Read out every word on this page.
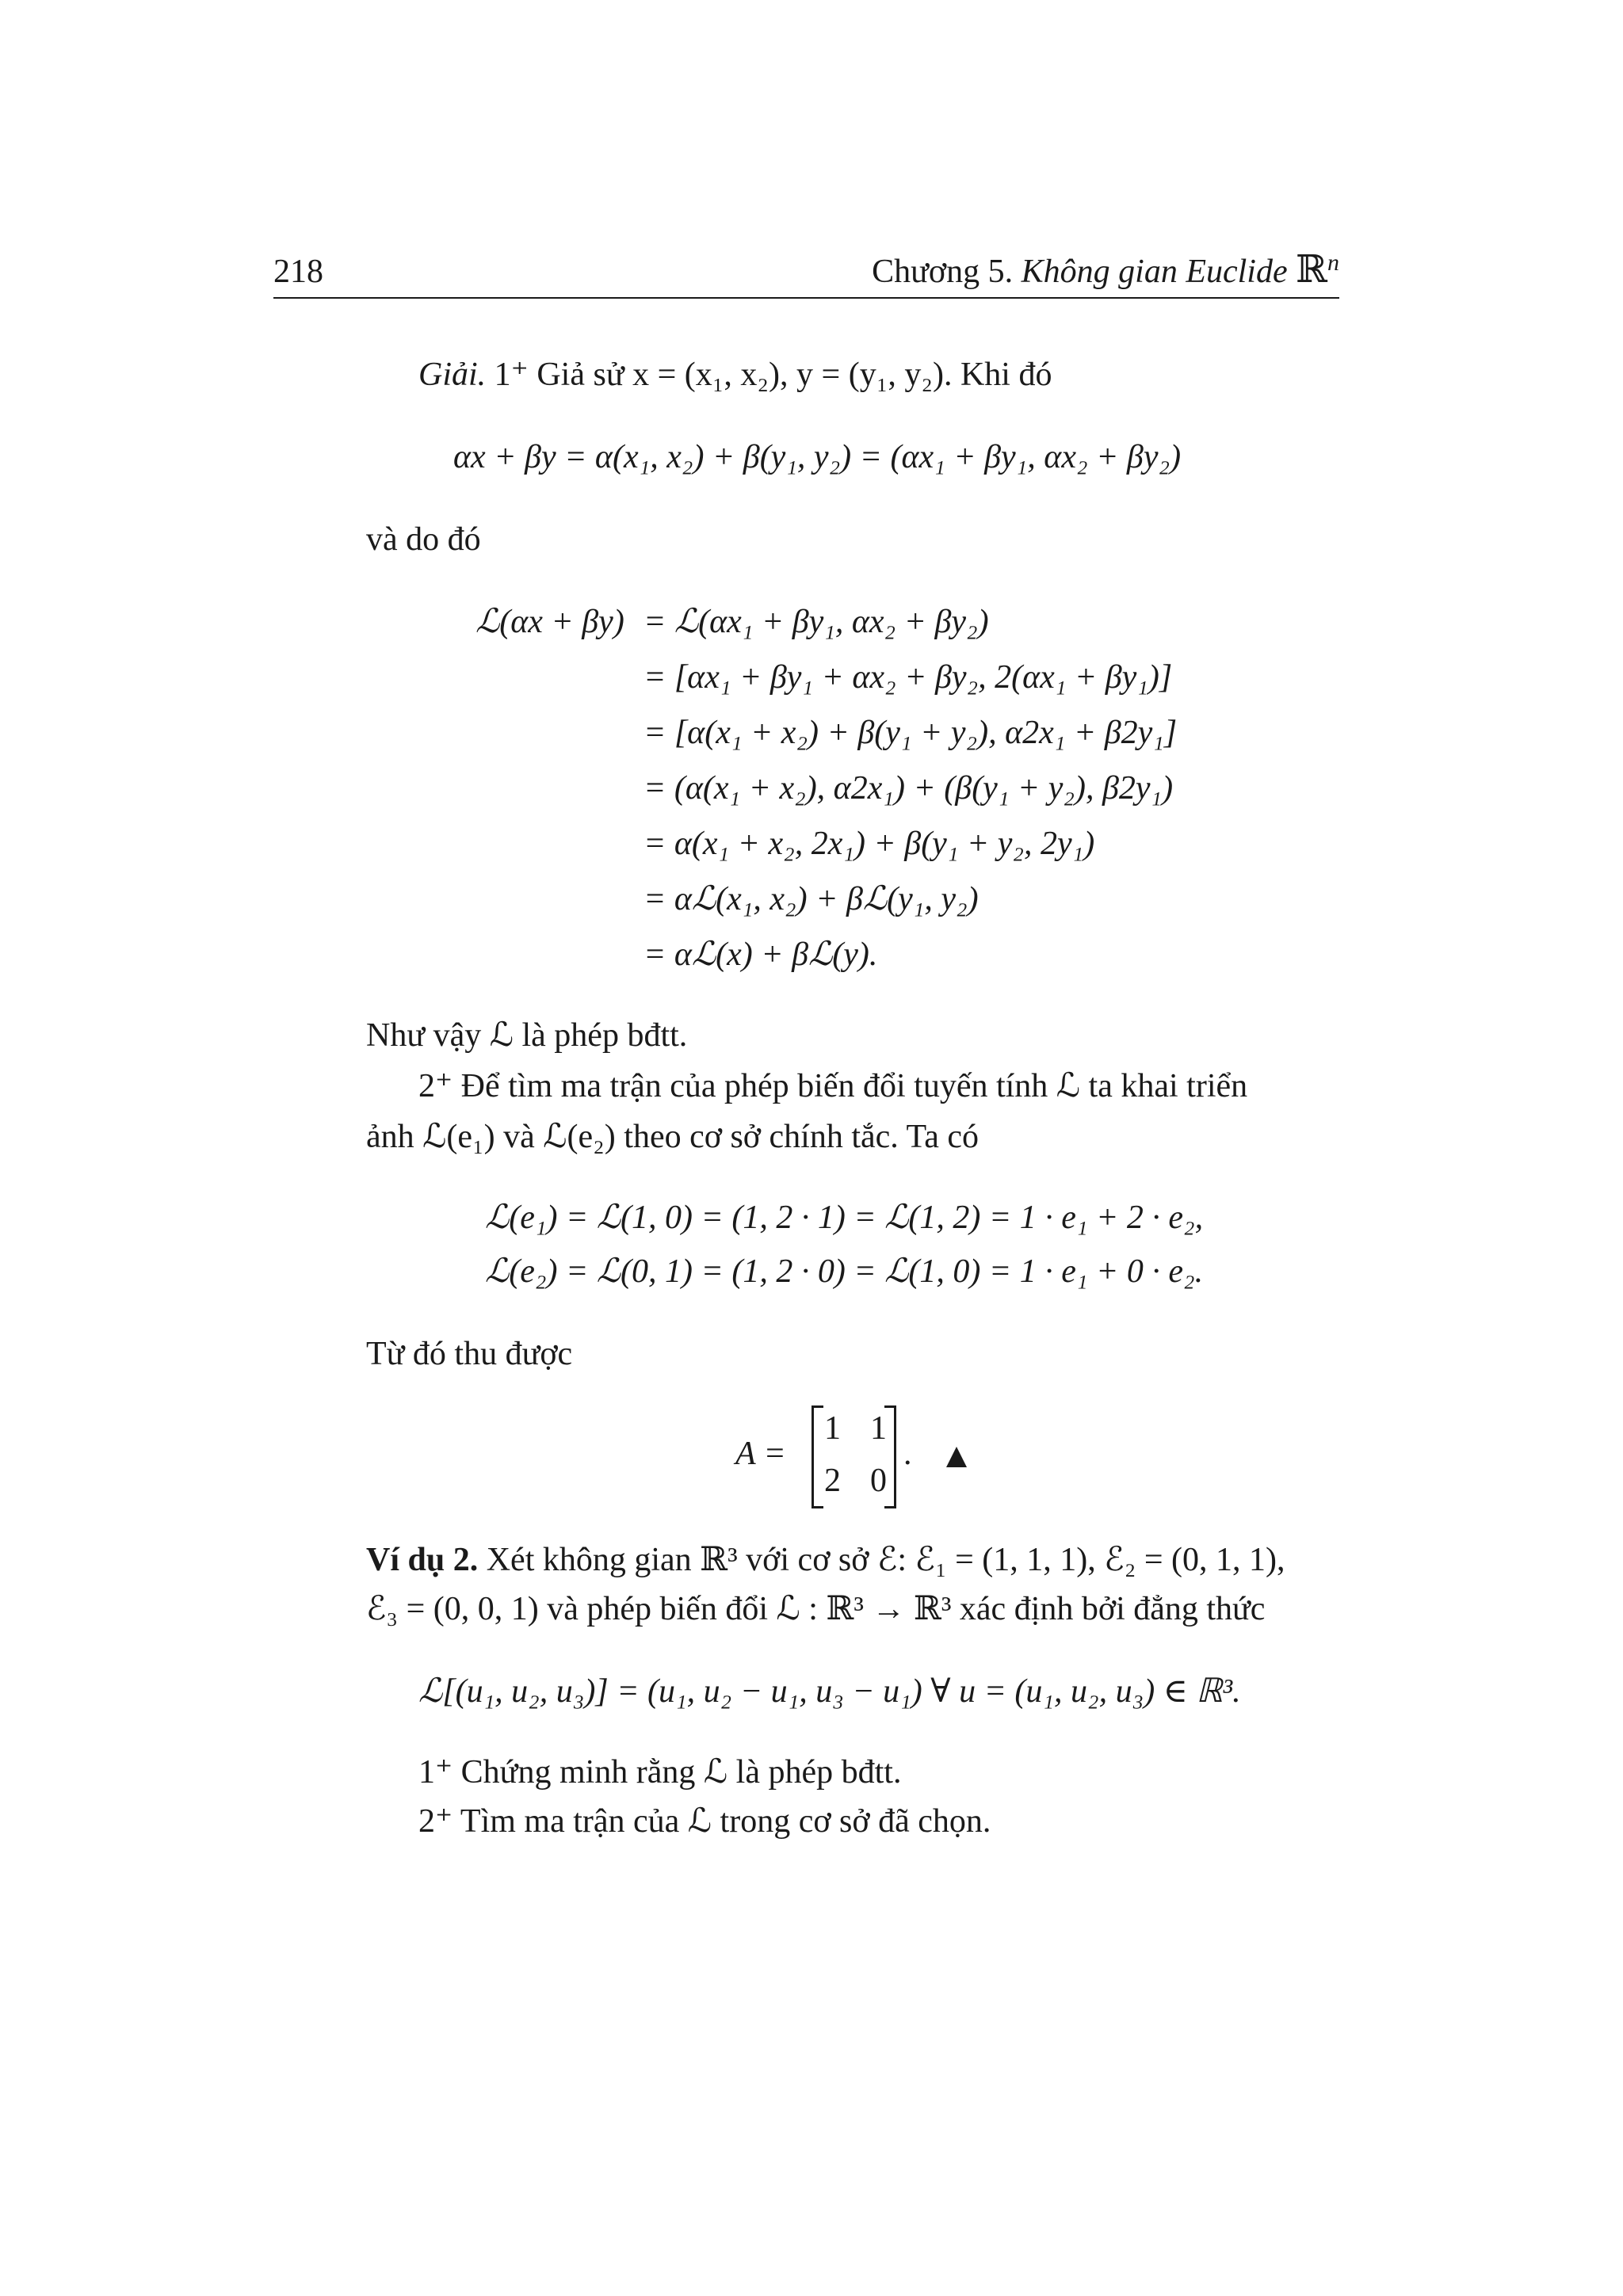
218	Chương 5. Không gian Euclide ℝ$^n$
Giải. 1⁺ Giả sử x = (x₁, x₂), y = (y₁, y₂). Khi đó
αx + βy = α(x₁, x₂) + β(y₁, y₂) = (αx₁ + βy₁, αx₂ + βy₂)
và do đó
ℒ(αx + βy) = ℒ(αx₁ + βy₁, αx₂ + βy₂)
= [αx₁ + βy₁ + αx₂ + βy₂, 2(αx₁ + βy₁)]
= [α(x₁ + x₂) + β(y₁ + y₂), α2x₁ + β2y₁]
= (α(x₁ + x₂), α2x₁) + (β(y₁ + y₂), β2y₁)
= α(x₁ + x₂, 2x₁) + β(y₁ + y₂, 2y₁)
= αℒ(x₁, x₂) + βℒ(y₁, y₂)
= αℒ(x) + βℒ(y).
Như vậy ℒ là phép bđtt.
2⁺ Để tìm ma trận của phép biến đổi tuyến tính ℒ ta khai triển
ảnh ℒ(e₁) và ℒ(e₂) theo cơ sở chính tắc. Ta có
ℒ(e₁) = ℒ(1, 0) = (1, 2 · 1) = ℒ(1, 2) = 1 · e₁ + 2 · e₂,
ℒ(e₂) = ℒ(0, 1) = (1, 2 · 0) = ℒ(1, 0) = 1 · e₁ + 0 · e₂.
Từ đó thu được
A =
1 1
2 0
.
Ví dụ 2. Xét không gian ℝ³ với cơ sở ℰ: ℰ₁ = (1, 1, 1), ℰ₂ = (0, 1, 1),
ℰ₃ = (0, 0, 1) và phép biến đổi ℒ : ℝ³ → ℝ³ xác định bởi đẳng thức
ℒ[(u₁, u₂, u₃)] = (u₁, u₂ − u₁, u₃ − u₁) ∀ u = (u₁, u₂, u₃) ∈ ℝ³.
1⁺ Chứng minh rằng ℒ là phép bđtt.
2⁺ Tìm ma trận của ℒ trong cơ sở đã chọn.
